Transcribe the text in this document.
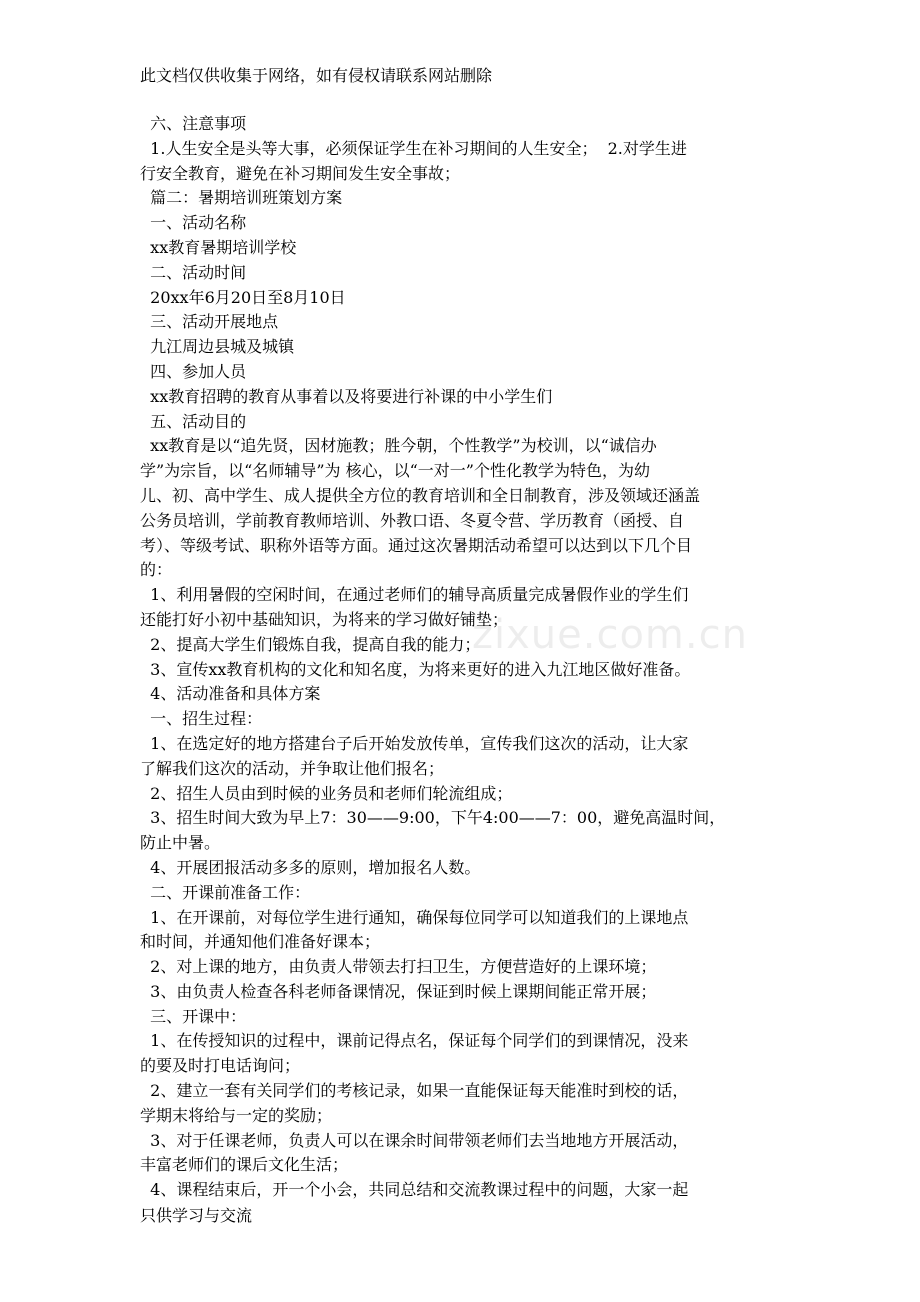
此文档仅供收集于网络，如有侵权请联系网站删除
zixue.com.cn
六、注意事项
1.人生安全是头等大事，必须保证学生在补习期间的人生安全；  2.对学生进
行安全教育，避免在补习期间发生安全事故；
篇二：暑期培训班策划方案
一、活动名称
xx教育暑期培训学校
二、活动时间
20xx年6月20日至8月10日
三、活动开展地点
九江周边县城及城镇
四、参加人员
xx教育招聘的教育从事着以及将要进行补课的中小学生们
五、活动目的
xx教育是以“追先贤，因材施教；胜今朝，个性教学”为校训，以“诚信办
学”为宗旨，以“名师辅导”为 核心，以“一对一”个性化教学为特色，为幼
儿、初、高中学生、成人提供全方位的教育培训和全日制教育，涉及领域还涵盖
公务员培训，学前教育教师培训、外教口语、冬夏令营、学历教育（函授、自
考）、等级考试、职称外语等方面。通过这次暑期活动希望可以达到以下几个目
的：
1、利用暑假的空闲时间，在通过老师们的辅导高质量完成暑假作业的学生们
还能打好小初中基础知识，为将来的学习做好铺垫；
2、提高大学生们锻炼自我，提高自我的能力；
3、宣传xx教育机构的文化和知名度，为将来更好的进入九江地区做好准备。
4、活动准备和具体方案
一、招生过程：
1、在选定好的地方搭建台子后开始发放传单，宣传我们这次的活动，让大家
了解我们这次的活动，并争取让他们报名；
2、招生人员由到时候的业务员和老师们轮流组成；
3、招生时间大致为早上7：30——9:00，下午4:00——7：00，避免高温时间，
防止中暑。
4、开展团报活动多多的原则，增加报名人数。
二、开课前准备工作：
1、在开课前，对每位学生进行通知，确保每位同学可以知道我们的上课地点
和时间，并通知他们准备好课本；
2、对上课的地方，由负责人带领去打扫卫生，方便营造好的上课环境；
3、由负责人检查各科老师备课情况，保证到时候上课期间能正常开展；
三、开课中：
1、在传授知识的过程中，课前记得点名，保证每个同学们的到课情况，没来
的要及时打电话询问；
2、建立一套有关同学们的考核记录，如果一直能保证每天能准时到校的话，
学期末将给与一定的奖励；
3、对于任课老师，负责人可以在课余时间带领老师们去当地地方开展活动，
丰富老师们的课后文化生活；
4、课程结束后，开一个小会，共同总结和交流教课过程中的问题，大家一起
只供学习与交流
